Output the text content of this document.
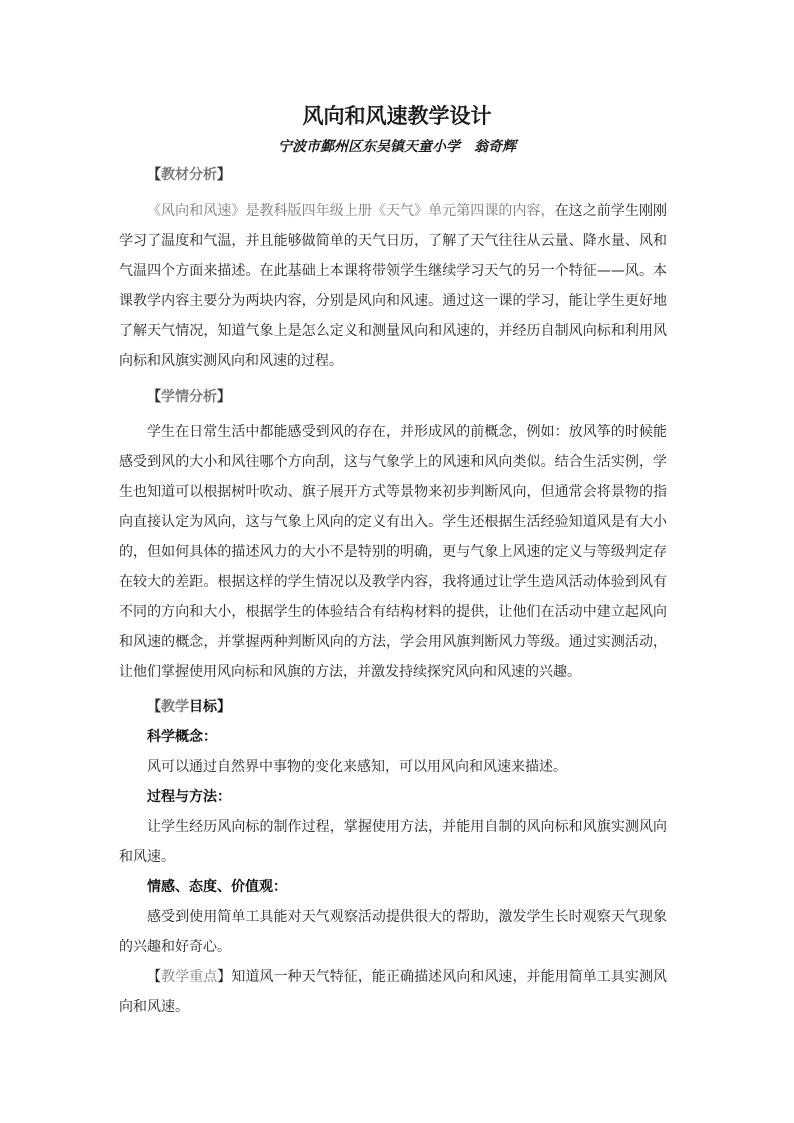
风向和风速教学设计
宁波市鄞州区东吴镇天童小学　翁奇辉

【教材分析】

《风向和风速》是教科版四年级上册《天气》单元第四课的内容，在这之前学生刚刚学习了温度和气温，并且能够做简单的天气日历，了解了天气往往从云量、降水量、风和气温四个方面来描述。在此基础上本课将带领学生继续学习天气的另一个特征——风。本课教学内容主要分为两块内容，分别是风向和风速。通过这一课的学习，能让学生更好地了解天气情况，知道气象上是怎么定义和测量风向和风速的，并经历自制风向标和利用风向标和风旗实测风向和风速的过程。

【学情分析】

学生在日常生活中都能感受到风的存在，并形成风的前概念，例如：放风筝的时候能感受到风的大小和风往哪个方向刮，这与气象学上的风速和风向类似。结合生活实例，学生也知道可以根据树叶吹动、旗子展开方式等景物来初步判断风向，但通常会将景物的指向直接认定为风向，这与气象上风向的定义有出入。学生还根据生活经验知道风是有大小的，但如何具体的描述风力的大小不是特别的明确，更与气象上风速的定义与等级判定存在较大的差距。根据这样的学生情况以及教学内容，我将通过让学生造风活动体验到风有不同的方向和大小，根据学生的体验结合有结构材料的提供，让他们在活动中建立起风向和风速的概念，并掌握两种判断风向的方法，学会用风旗判断风力等级。通过实测活动，让他们掌握使用风向标和风旗的方法，并激发持续探究风向和风速的兴趣。

【教学目标】

科学概念：

风可以通过自然界中事物的变化来感知，可以用风向和风速来描述。

过程与方法：

让学生经历风向标的制作过程，掌握使用方法，并能用自制的风向标和风旗实测风向和风速。

情感、态度、价值观：

感受到使用简单工具能对天气观察活动提供很大的帮助，激发学生长时观察天气现象的兴趣和好奇心。

【教学重点】知道风一种天气特征，能正确描述风向和风速，并能用简单工具实测风向和风速。
